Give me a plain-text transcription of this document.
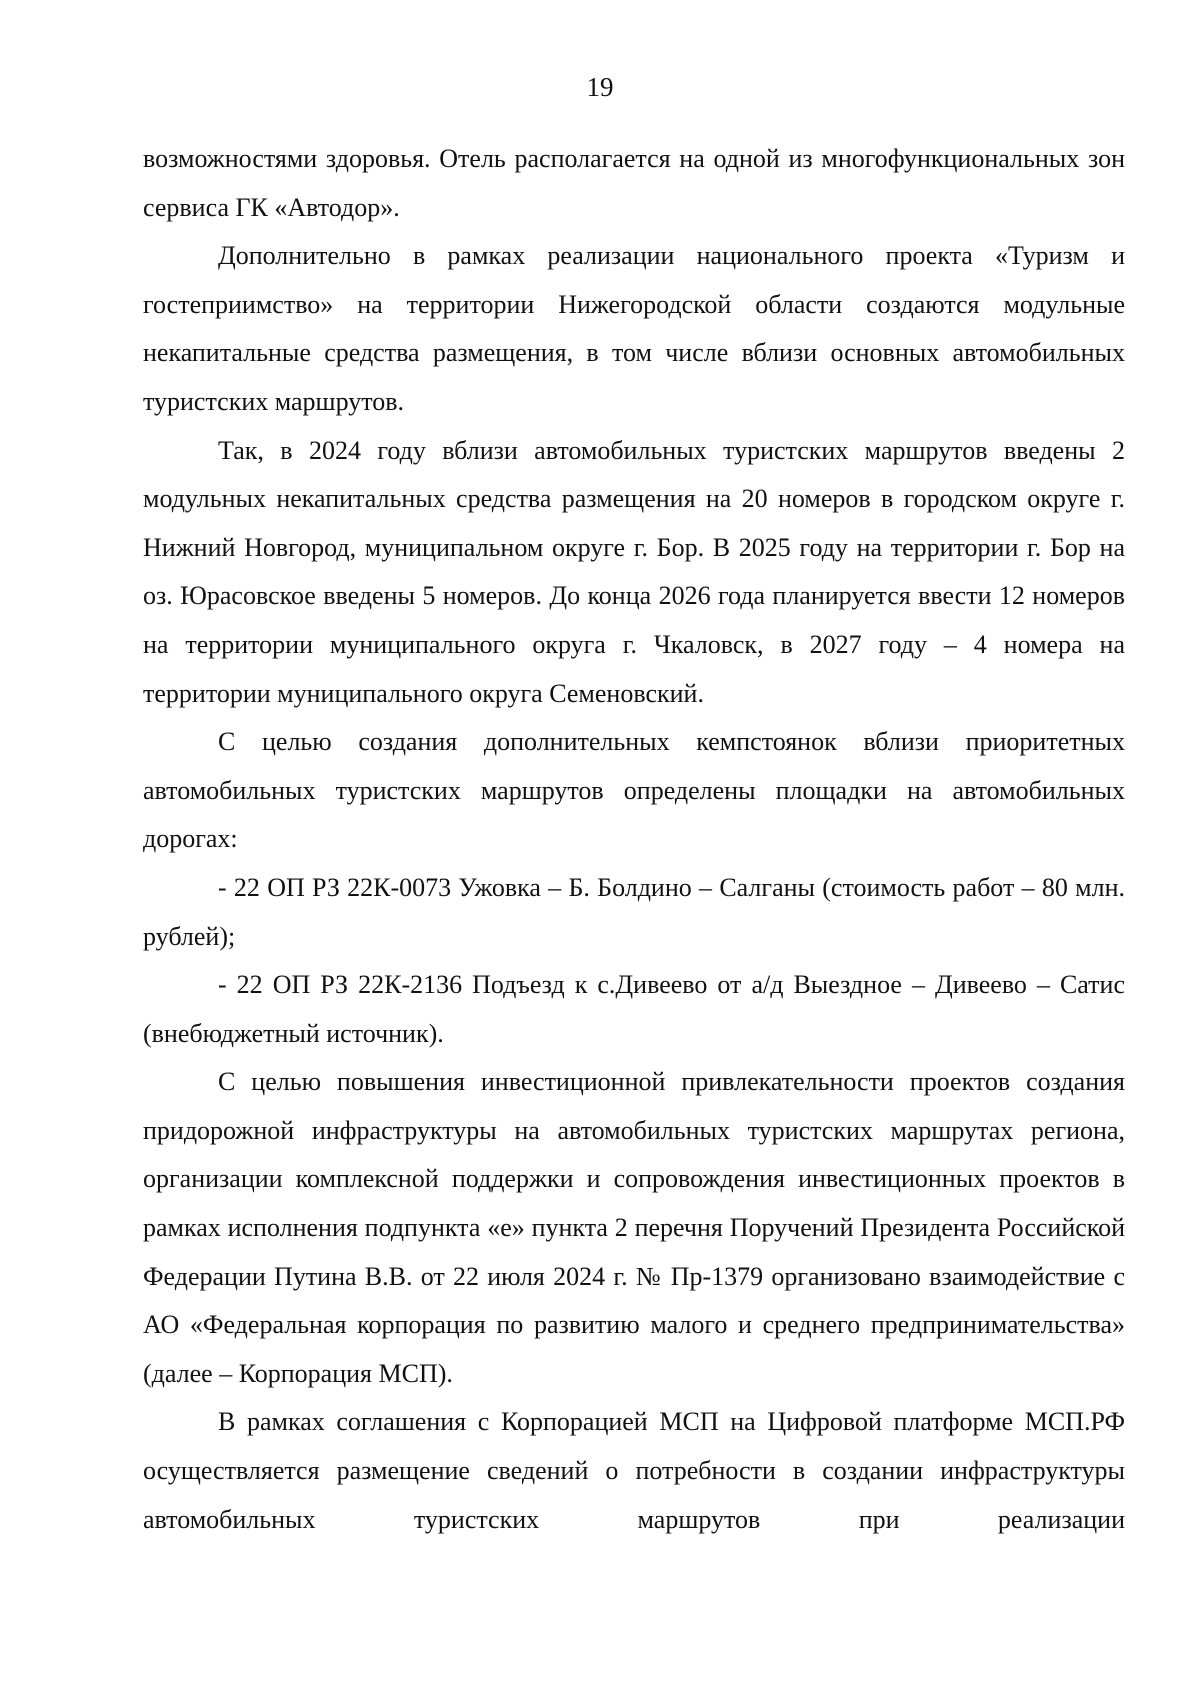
19

возможностями здоровья. Отель располагается на одной из многофункциональных зон сервиса ГК «Автодор».

Дополнительно в рамках реализации национального проекта «Туризм и гостеприимство» на территории Нижегородской области создаются модульные некапитальные средства размещения, в том числе вблизи основных автомобильных туристских маршрутов.

Так, в 2024 году вблизи автомобильных туристских маршрутов введены 2 модульных некапитальных средства размещения на 20 номеров в городском округе г. Нижний Новгород, муниципальном округе г. Бор. В 2025 году на территории г. Бор на оз. Юрасовское введены 5 номеров. До конца 2026 года планируется ввести 12 номеров на территории муниципального округа г. Чкаловск, в 2027 году – 4 номера на территории муниципального округа Семеновский.

С целью создания дополнительных кемпстоянок вблизи приоритетных автомобильных туристских маршрутов определены площадки на автомобильных дорогах:

- 22 ОП РЗ 22К-0073 Ужовка – Б. Болдино – Салганы (стоимость работ – 80 млн. рублей);

- 22 ОП РЗ 22К-2136 Подъезд к с.Дивеево от а/д Выездное – Дивеево – Сатис (внебюджетный источник).

С целью повышения инвестиционной привлекательности проектов создания придорожной инфраструктуры на автомобильных туристских маршрутах региона, организации комплексной поддержки и сопровождения инвестиционных проектов в рамках исполнения подпункта «е» пункта 2 перечня Поручений Президента Российской Федерации Путина В.В. от 22 июля 2024 г. № Пр-1379 организовано взаимодействие с АО «Федеральная корпорация по развитию малого и среднего предпринимательства» (далее – Корпорация МСП).

В рамках соглашения с Корпорацией МСП на Цифровой платформе МСП.РФ осуществляется размещение сведений о потребности в создании инфраструктуры автомобильных туристских маршрутов при реализации
